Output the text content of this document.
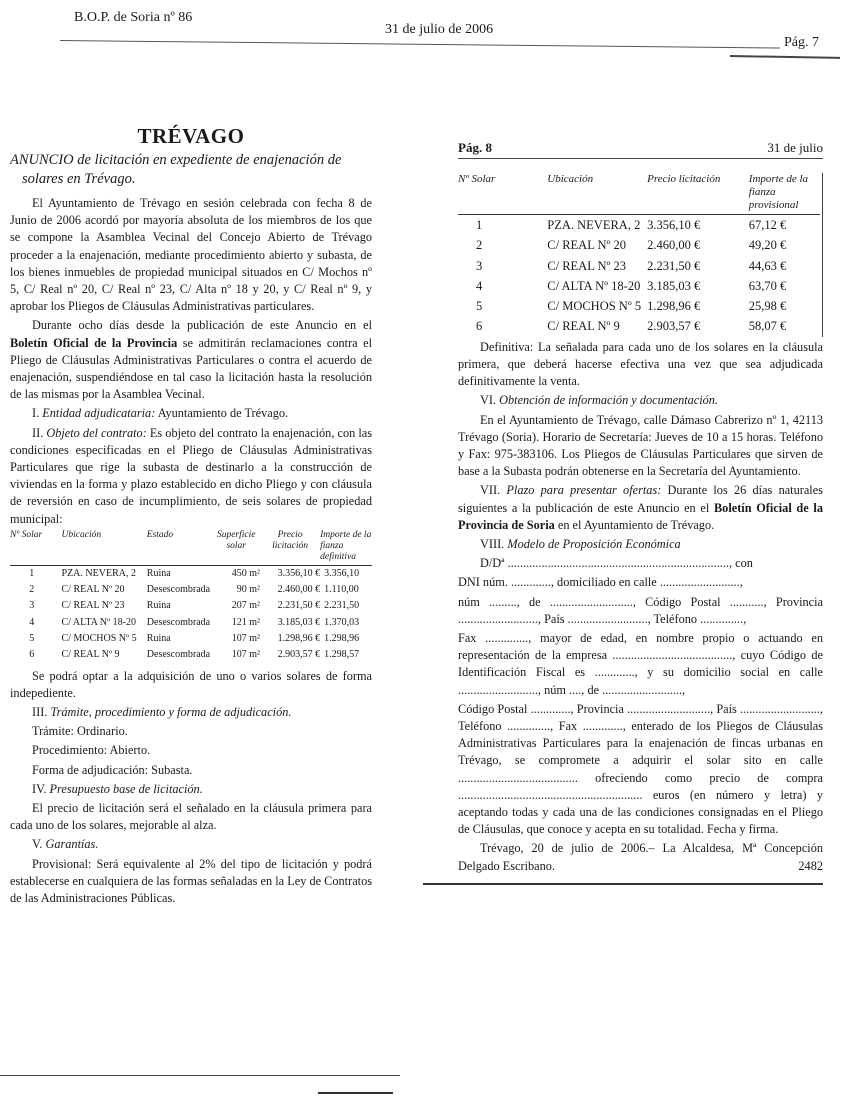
B.O.P. de Soria nº 86
31 de julio de 2006
Pág. 7
TRÉVAGO
ANUNCIO de licitación en expediente de enajenación de
solares en Trévago.

El Ayuntamiento de Trévago en sesión celebrada con fecha 8 de Junio de 2006 acordó por mayoría absoluta de los miembros de los que se compone la Asamblea Vecinal del Concejo Abierto de Trévago proceder a la enajenación, mediante procedimiento abierto y subasta, de los bienes inmuebles de propiedad municipal situados en C/ Mochos nº 5, C/ Real nº 20, C/ Real nº 23, C/ Alta nº 18 y 20, y C/ Real nº 9, y aprobar los Pliegos de Cláusulas Administrativas particulares.

Durante ocho días desde la publicación de este Anuncio en el Boletín Oficial de la Provincia se admitirán reclamaciones contra el Pliego de Cláusulas Administrativas Particulares o contra el acuerdo de enajenación, suspendiéndose en tal caso la licitación hasta la resolución de las mismas por la Asamblea Vecinal.

I. Entidad adjudicataria: Ayuntamiento de Trévago.

II. Objeto del contrato: Es objeto del contrato la enajenación, con las condiciones especificadas en el Pliego de Cláusulas Administrativas Particulares que rige la subasta de destinarlo a la construcción de viviendas en la forma y plazo establecido en dicho Pliego y con cláusula de reversión en caso de incumplimiento, de seis solares de propiedad municipal:

Nº Solar	Ubicación	Estado	Superficie solar	Precio licitación	Importe de la fianza definitiva
1	PZA. NEVERA, 2	Ruina	450 m²	3.356,10 €	3.356,10
2	C/ REAL Nº 20	Desescombrada	90 m²	2.460,00 €	1.110,00
3	C/ REAL Nº 23	Ruina	207 m²	2.231,50 €	2.231,50
4	C/ ALTA Nº 18-20	Desescombrada	121 m²	3.185,03 €	1.370,03
5	C/ MOCHOS Nº 5	Ruina	107 m²	1.298,96 €	1.298,96
6	C/ REAL Nº 9	Desescombrada	107 m²	2.903,57 €	1.298,57

Se podrá optar a la adquisición de uno o varios solares de forma indepediente.

III. Trámite, procedimiento y forma de adjudicación.

Trámite: Ordinario.

Procedimiento: Abierto.

Forma de adjudicación: Subasta.

IV. Presupuesto base de licitación.

El precio de licitación será el señalado en la cláusula primera para cada uno de los solares, mejorable al alza.

V. Garantías.

Provisional: Será equivalente al 2% del tipo de licitación y podrá establecerse en cualquiera de las formas señaladas en la Ley de Contratos de las Administraciones Públicas.

Pág. 8	31 de julio
Nº Solar	Ubicación	Precio licitación	Importe de la fianza provisional
1	PZA. NEVERA, 2	3.356,10 €	67,12 €
2	C/ REAL Nº 20	2.460,00 €	49,20 €
3	C/ REAL Nº 23	2.231,50 €	44,63 €
4	C/ ALTA Nº 18-20	3.185,03 €	63,70 €
5	C/ MOCHOS Nº 5	1.298,96 €	25,98 €
6	C/ REAL Nº 9	2.903,57 €	58,07 €

Definitiva: La señalada para cada uno de los solares en la cláusula primera, que deberá hacerse efectiva una vez que sea adjudicada definitivamente la venta.

VI. Obtención de información y documentación.

En el Ayuntamiento de Trévago, calle Dámaso Cabrerizo nº 1, 42113 Trévago (Soria). Horario de Secretaría: Jueves de 10 a 15 horas. Teléfono y Fax: 975-383106. Los Pliegos de Cláusulas Particulares que sirven de base a la Subasta podrán obtenerse en la Secretaría del Ayuntamiento.

VII. Plazo para presentar ofertas: Durante los 26 días naturales siguientes a la publicación de este Anuncio en el Boletín Oficial de la Provincia de Soria en el Ayuntamiento de Trévago.

VIII. Modelo de Proposición Económica

D/Dª ........................................................................, con

DNI núm. ............., domiciliado en calle ..........................,

núm ........., de ..........................., Código Postal ..........., Provincia .........................., País .........................., Teléfono ..............,

Fax .............., mayor de edad, en nombre propio o actuando en representación de la empresa ......................................., cuyo Código de Identificación Fiscal es ............., y su domicilio social en calle .........................., núm ...., de ..........................,

Código Postal ............., Provincia ..........................., País .........................., Teléfono .............., Fax ............., enterado de los Pliegos de Cláusulas Administrativas Particulares para la enajenación de fincas urbanas en Trévago, se compromete a adquirir el solar sito en calle ....................................... ofreciendo como precio de compra ............................................................ euros (en número y letra) y aceptando todas y cada una de las condiciones consignadas en el Pliego de Cláusulas, que conoce y acepta en su totalidad. Fecha y firma.

Trévago, 20 de julio de 2006.– La Alcaldesa, Mª Concepción Delgado Escribano.	2482
